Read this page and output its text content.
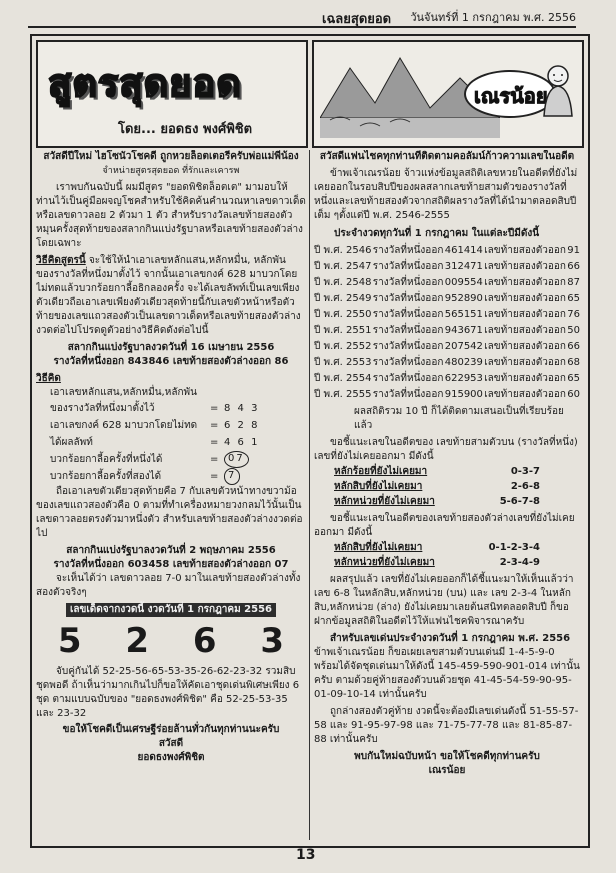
เฉลยสุดยอด วันจันทร์ที่ 1 กรกฎาคม พ.ศ. 2556
สูตรสุดยอด
โดย... ยอดธง พงศ์พิชิต
เณรน้อย

สวัสดีปีใหม่ ไฮโซนัวโชคดี ถูกหวยล็อตเตอรี่ครับพ่อแม่พี่น้อง

จำหน่ายสูตรสุดยอด ที่รักและเคารพ

เราพบกันฉบับนี้ ผมมีสูตร "ยอดพิชิตล็อตเต" มามอบให้ท่านไว้เป็นคู่มือผจญโชคสำหรับใช้คิดค้นคำนวณหาเลขดาวเด็ดหรือเลขดาวลอย 2 ตัวมา 1 ตัว สำหรับรางวัลเลขท้ายสองตัวหมุนครั้งสุดท้ายของสลากกินแบ่งรัฐบาลหรือเลขท้ายสองตัวล่างโดยเฉพาะ

วิธีคิดสูตรนี้ จะใช้ให้นำเอาเลขหลักแสน,หลักหมื่น, หลักพัน ของรางวัลที่หนึ่งมาตั้งไว้ จากนั้นเอาเลขกงค์ 628 มาบวกโดยไม่ทดแล้วบวกร้อยกาลี้อธิกลองครั้ง จะได้เลขลัพท์เป็นเลขเพียงตัวเดียวถือเอาเลขเพียงตัวเดียวสุดท้ายนี้กับเลขตัวหน้าหรือตัวท้ายของเลขแถวสองตัวเป็นเลขดาวเด็ดหรือเลขท้ายสองตัวล่างงวดต่อไปโปรดดูตัวอย่างวิธีคิดดังต่อไปนี้

สลากกินแบ่งรัฐบาลงวดวันที่ 16 เมษายน 2556

รางวัลที่หนึ่งออก 843846 เลขท้ายสองตัวล่างออก 86

วิธีคิด

เอาเลขหลักแสน,หลักหมื่น,หลักพัน

ของรางวัลที่หนึ่งมาตั้งไว้	= 8 4 3
เอาเลขกงค์ 628 มาบวกโดยไม่ทด	= 6 2 8
ได้ผลลัพท์	= 4 6 1
บวกร้อยกาลี้อครั้งที่หนึ่งได้	= 07
บวกร้อยกาลี้อครั้งที่สองได้	= 7

ถือเอาเลขตัวเดียวสุดท้ายคือ 7 กับเลขตัวหน้าทางขวาม้อของเลขแถวสองตัวคือ 0 ตามที่ทำเครื่องหมายวงกลมไว้นั้นเป็นเลขดาวลอยตรงตัวมาหนึ่งตัว สำหรับเลขท้ายสองตัวล่างงวดต่อไป

สลากกินแบ่งรัฐบาลงวดวันที่ 2 พฤษภาคม 2556

รางวัลที่หนึ่งออก 603458 เลขท้ายสองตัวล่างออก 07

จะเห็นได้ว่า เลขดาวลอย 7-0 มาในเลขท้ายสองตัวล่างทั้งสองตัวจริงๆ

เลขเด็ดจากงวดนี้ งวดวันที่ 1 กรกฎาคม 2556

5 2 6 3

จับคู่กันได้ 52-25-56-65-53-35-26-62-23-32 รวมสิบชุดพอดี ถ้าเห็นว่ามากเกินไปก็ขอให้คัดเอาชุดเด่นพิเศษเพียง 6 ชุด ตามแบบฉบับของ "ยอดธงพงศ์พิชิต" คือ 52-25-53-35 และ 23-32

ขอให้โชคดีเป็นเศรษฐีร่อยล้านทั่วกันทุกท่านนะครับ

สวัสดี

ยอดธงพงศ์พิชิต

สวัสดีแฟนไชคทุกท่านที่ติดตามคอลัมน์ก้าวความเลขในอดีต

ข้าพเจ้าเณรน้อย จ้าวแห่งข้อมูลสถิติเลขหวยในอดีตที่ยังไม่เคยออกในรอบสิบปีของผลสลากเลขท้ายสามตัวของรางวัลที่หนึ่งและเลขท้ายสองตัวจากสถิติผลรางวัลที่ได้นำมาตลอดสิบปีเต็ม ๆตั้งแต่ปี พ.ศ. 2546-2555

ประจำงวดทุกวันที่ 1 กรกฎาคม ในแต่ละปีมีดังนี้

ปี พ.ศ. 2546 รางวัลที่หนึ่งออก 461414 เลขท้ายสองตัวออก 91
ปี พ.ศ. 2547 รางวัลที่หนึ่งออก 312471 เลขท้ายสองตัวออก 66
ปี พ.ศ. 2548 รางวัลที่หนึ่งออก 009554 เลขท้ายสองตัวออก 87
ปี พ.ศ. 2549 รางวัลที่หนึ่งออก 952890 เลขท้ายสองตัวออก 65
ปี พ.ศ. 2550 รางวัลที่หนึ่งออก 565151 เลขท้ายสองตัวออก 76
ปี พ.ศ. 2551 รางวัลที่หนึ่งออก 943671 เลขท้ายสองตัวออก 50
ปี พ.ศ. 2552 รางวัลที่หนึ่งออก 207542 เลขท้ายสองตัวออก 66
ปี พ.ศ. 2553 รางวัลที่หนึ่งออก 480239 เลขท้ายสองตัวออก 68
ปี พ.ศ. 2554 รางวัลที่หนึ่งออก 622953 เลขท้ายสองตัวออก 65
ปี พ.ศ. 2555 รางวัลที่หนึ่งออก 915900 เลขท้ายสองตัวออก 60

ผลสถิติรวม 10 ปี ก็ได้ติดตามเสนอเป็นที่เรียบร้อยแล้ว

ขอชี้แนะเลขในอดีตของ เลขท้ายสามตัวบน (รางวัลที่หนึ่ง) เลขที่ยังไม่เคยออกมา มีดังนี้

หลักร้อยที่ยังไม่เคยมา	0-3-7
หลักสิบที่ยังไม่เคยมา	2-6-8
หลักหน่วยที่ยังไม่เคยมา	5-6-7-8

ขอชี้แนะเลขในอดีตของเลขท้ายสองตัวล่างเลขที่ยังไม่เคยออกมา มีดังนี้

หลักสิบที่ยังไม่เคยมา	0-1-2-3-4
หลักหน่วยที่ยังไม่เคยมา	2-3-4-9

ผลสรุปแล้ว เลขที่ยังไม่เคยออกก็ได้ชี้แนะมาให้เห็นแล้วว่าเลข 6-8 ในหลักสิบ,หลักหน่วย (บน) และ เลข 2-3-4 ในหลักสิบ,หลักหน่วย (ล่าง) ยังไม่เคยมาเลยต้นสนิทตลอดสิบปี ก็ขอฝากข้อมูลสถิติในอดีตไว้ให้แฟนไชคพิจารณาครับ

สำหรับเลขเด่นประจำงวดวันที่ 1 กรกฎาคม พ.ศ. 2556

ข้าพเจ้าเณรน้อย ก็ขอเผยเลขสามตัวบนเด่นมี 1-4-5-9-0 พร้อมได้จัดชุดเด่นมาให้ดังนี้ 145-459-590-901-014 เท่านั้นครับ ตามด้วยคู่ท้ายสองตัวบนด้วยชุด 41-45-54-59-90-95-01-09-10-14 เท่านั้นครับ

ถูกล่างสองตัวคู่ท้าย งวดนี้จะต้องมีเลขเด่นดังนี้ 51-55-57-58 และ 91-95-97-98 และ 71-75-77-78 และ 81-85-87-88 เท่านั้นครับ

พบกันใหม่ฉบับหน้า ขอให้โชคดีทุกท่านครับ

เณรน้อย

13
